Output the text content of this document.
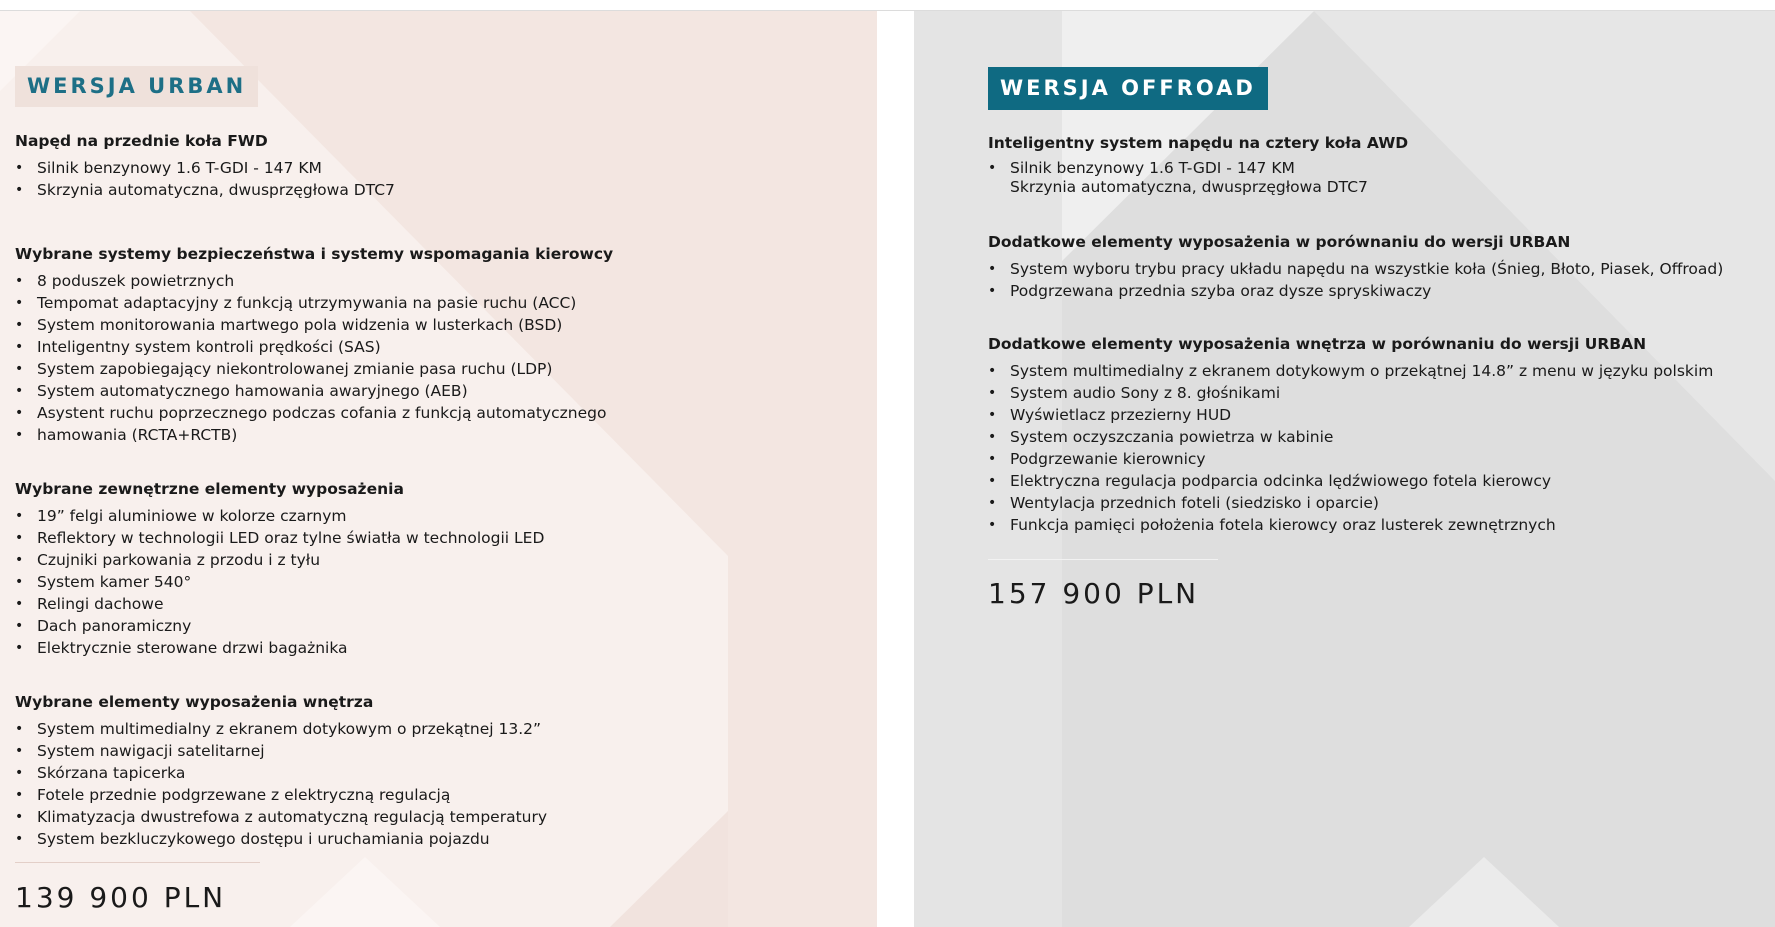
WERSJA URBAN

Napęd na przednie koła FWD

• Silnik benzynowy 1.6 T-GDI - 147 KM
• Skrzynia automatyczna, dwusprzęgłowa DTC7

Wybrane systemy bezpieczeństwa i systemy wspomagania kierowcy

• 8 poduszek powietrznych
• Tempomat adaptacyjny z funkcją utrzymywania na pasie ruchu (ACC)
• System monitorowania martwego pola widzenia w lusterkach (BSD)
• Inteligentny system kontroli prędkości (SAS)
• System zapobiegający niekontrolowanej zmianie pasa ruchu (LDP)
• System automatycznego hamowania awaryjnego (AEB)
• Asystent ruchu poprzecznego podczas cofania z funkcją automatycznego
• hamowania (RCTA+RCTB)

Wybrane zewnętrzne elementy wyposażenia

• 19” felgi aluminiowe w kolorze czarnym
• Reflektory w technologii LED oraz tylne światła w technologii LED
• Czujniki parkowania z przodu i z tyłu
• System kamer 540°
• Relingi dachowe
• Dach panoramiczny
• Elektrycznie sterowane drzwi bagażnika

Wybrane elementy wyposażenia wnętrza

• System multimedialny z ekranem dotykowym o przekątnej 13.2”
• System nawigacji satelitarnej
• Skórzana tapicerka
• Fotele przednie podgrzewane z elektryczną regulacją
• Klimatyzacja dwustrefowa z automatyczną regulacją temperatury
• System bezkluczykowego dostępu i uruchamiania pojazdu
139 900 PLN
WERSJA OFFROAD

Inteligentny system napędu na cztery koła AWD

• Silnik benzynowy 1.6 T-GDI - 147 KM
Skrzynia automatyczna, dwusprzęgłowa DTC7

Dodatkowe elementy wyposażenia w porównaniu do wersji URBAN

• System wyboru trybu pracy układu napędu na wszystkie koła (Śnieg, Błoto, Piasek, Offroad)
• Podgrzewana przednia szyba oraz dysze spryskiwaczy

Dodatkowe elementy wyposażenia wnętrza w porównaniu do wersji URBAN

• System multimedialny z ekranem dotykowym o przekątnej 14.8” z menu w języku polskim
• System audio Sony z 8. głośnikami
• Wyświetlacz przezierny HUD
• System oczyszczania powietrza w kabinie
• Podgrzewanie kierownicy
• Elektryczna regulacja podparcia odcinka lędźwiowego fotela kierowcy
• Wentylacja przednich foteli (siedzisko i oparcie)
• Funkcja pamięci położenia fotela kierowcy oraz lusterek zewnętrznych
157 900 PLN
